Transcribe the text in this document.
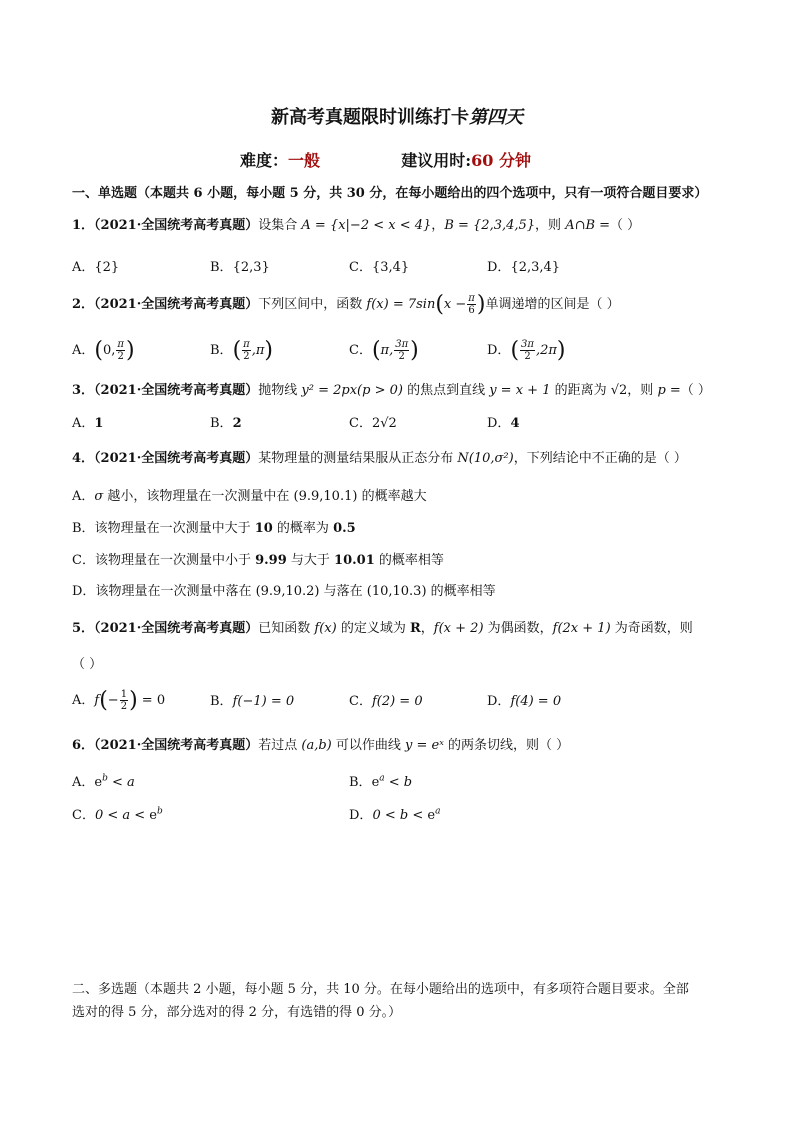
新高考真题限时训练打卡第四天
难度：一般	建议用时:60 分钟
一、单选题（本题共 6 小题，每小题 5 分，共 30 分，在每小题给出的四个选项中，只有一项符合题目要求）
1．（2021·全国统考高考真题）设集合 A = {x|−2 < x < 4}，B = {2,3,4,5}，则 A∩B =（ ）
A．{2}	B．{2,3}	C．{3,4}	D．{2,3,4}
2．（2021·全国统考高考真题）下列区间中，函数 $f(x) = 7\sin(x - \frac{\pi}{6}$ )单调递增的区间是（ ）
A．(0, $\frac{\pi}{2}$ )	B．( $\frac{\pi}{2} ,\pi$)	C．(π, $\frac{3\pi}{2}$ )	D．( $\frac{3\pi}{2} ,2\pi$)
3．（2021·全国统考高考真题）抛物线 y² = 2px(p > 0) 的焦点到直线 y = x + 1 的距离为 √2，则 p =（ ）
A．1	B．2	C．2√2	D．4
4．（2021·全国统考高考真题）某物理量的测量结果服从正态分布 N(10,σ²)，下列结论中不正确的是（ ）
A．σ 越小，该物理量在一次测量中在 (9.9,10.1) 的概率越大
B．该物理量在一次测量中大于 10 的概率为 0.5
C．该物理量在一次测量中小于 9.99 与大于 10.01 的概率相等
D．该物理量在一次测量中落在 (9.9,10.2) 与落在 (10,10.3) 的概率相等
5．（2021·全国统考高考真题）已知函数 f(x) 的定义域为 R，f(x + 2) 为偶函数，f(2x + 1) 为奇函数，则
（ ）
A．$f(- \frac{1}{2}$ ) = 0	B．f(−1) = 0	C．f(2) = 0	D．f(4) = 0
6．（2021·全国统考高考真题）若过点 (a,b) 可以作曲线 y = eˣ 的两条切线，则（ ）
A．$e^b < a$	B．$e^a < b$
C．$0 < a < e^b$	D．$0 < b < e^a$
二、多选题（本题共 2 小题，每小题 5 分，共 10 分。在每小题给出的选项中，有多项符合题目要求。全部
选对的得 5 分，部分选对的得 2 分，有选错的得 0 分。）
